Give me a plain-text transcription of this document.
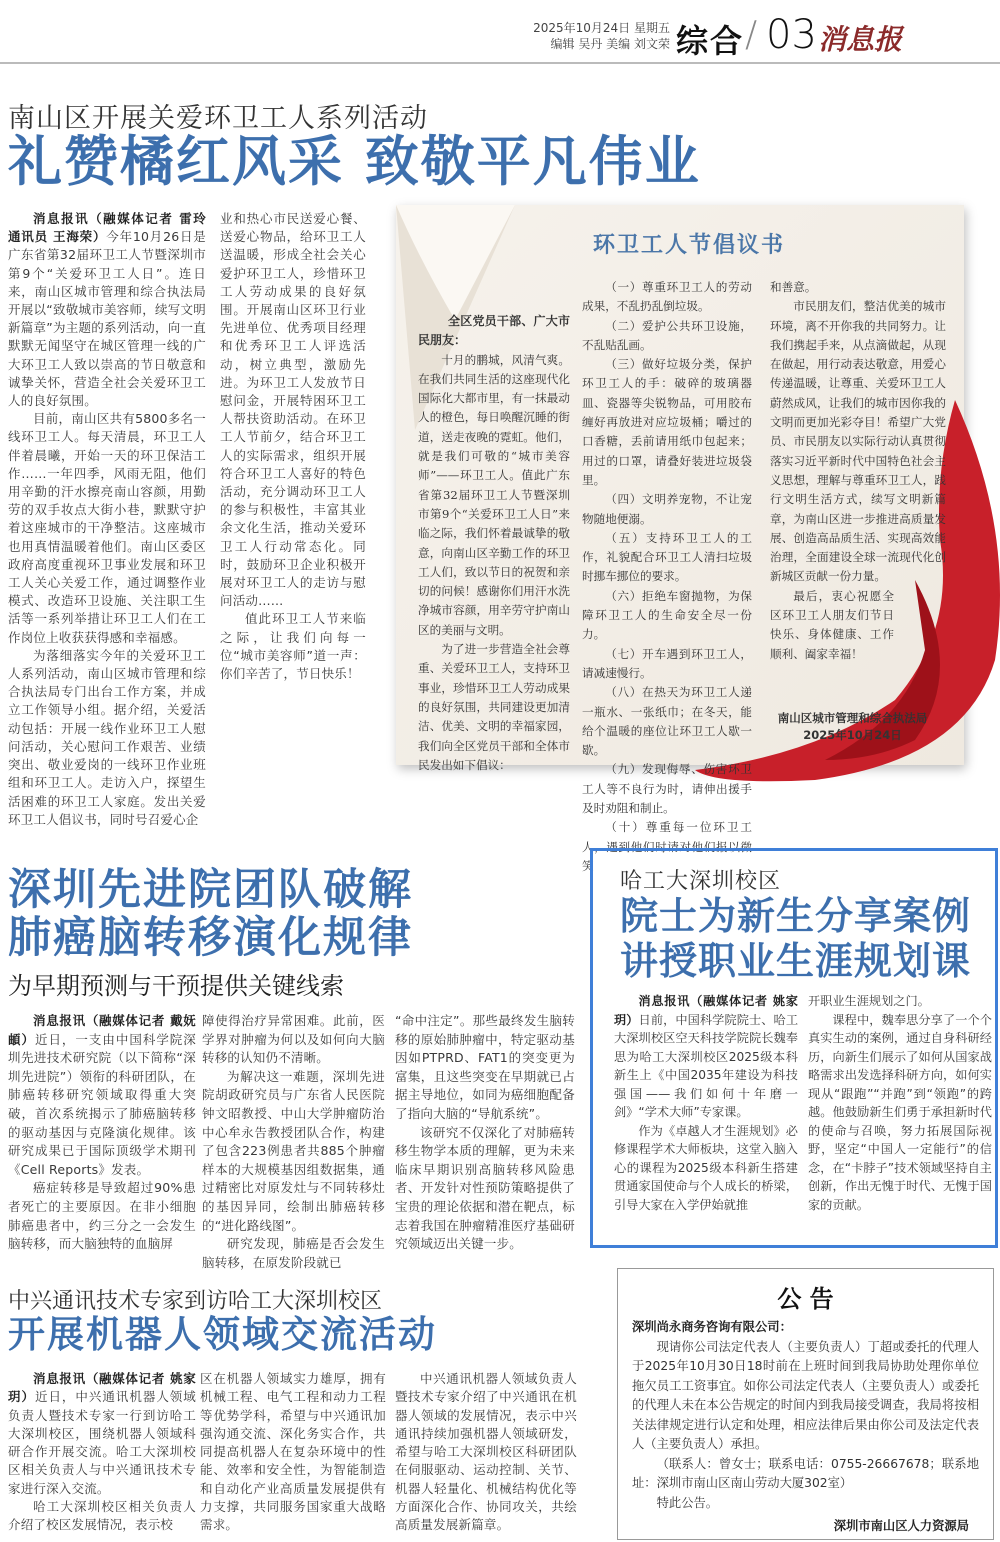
2025年10月24日 星期五
编辑 吴丹 美编 刘文荣 综合 / 03 消息报
南山区开展关爱环卫工人系列活动
礼赞橘红风采 致敬平凡伟业

消息报讯（融媒体记者 雷玲 通讯员 王海荣）今年10月26日是广东省第32届环卫工人节暨深圳市第9个“关爱环卫工人日”。连日来，南山区城市管理和综合执法局开展以“致敬城市美容师，续写文明新篇章”为主题的系列活动，向一直默默无闻坚守在城区管理一线的广大环卫工人致以崇高的节日敬意和诚挚关怀，营造全社会关爱环卫工人的良好氛围。

目前，南山区共有5800多名一线环卫工人。每天清晨，环卫工人伴着晨曦，开始一天的环卫保洁工作……一年四季，风雨无阻，他们用辛勤的汗水擦亮南山容颜，用勤劳的双手妆点大街小巷，默默守护着这座城市的干净整洁。这座城市也用真情温暖着他们。南山区委区政府高度重视环卫事业发展和环卫工人关心关爱工作，通过调整作业模式、改造环卫设施、关注职工生活等一系列举措让环卫工人们在工作岗位上收获获得感和幸福感。

为落细落实今年的关爱环卫工人系列活动，南山区城市管理和综合执法局专门出台工作方案，并成立工作领导小组。据介绍，关爱活动包括：开展一线作业环卫工人慰问活动，关心慰问工作艰苦、业绩突出、敬业爱岗的一线环卫作业班组和环卫工人。走访入户，探望生活困难的环卫工人家庭。发出关爱环卫工人倡议书，同时号召爱心企

业和热心市民送爱心餐、送爱心物品，给环卫工人送温暖，形成全社会关心爱护环卫工人，珍惜环卫工人劳动成果的良好氛围。开展南山区环卫行业先进单位、优秀项目经理和优秀环卫工人评选活动，树立典型，激励先进。为环卫工人发放节日慰问金，开展特困环卫工人帮扶资助活动。在环卫工人节前夕，结合环卫工人的实际需求，组织开展符合环卫工人喜好的特色活动，充分调动环卫工人的参与积极性，丰富其业余文化生活，推动关爱环卫工人行动常态化。同时，鼓励环卫企业积极开展对环卫工人的走访与慰问活动……

值此环卫工人节来临之际，让我们向每一位“城市美容师”道一声：你们辛苦了，节日快乐！

环卫工人节倡议书
全区党员干部、广大市民朋友：

十月的鹏城，风清气爽。在我们共同生活的这座现代化国际化大都市里，有一抹最动人的橙色，每日唤醒沉睡的街道，送走夜晚的霓虹。他们，就是我们可敬的“城市美容师”——环卫工人。值此广东省第32届环卫工人节暨深圳市第9个“关爱环卫工人日”来临之际，我们怀着最诚挚的敬意，向南山区辛勤工作的环卫工人们，致以节日的祝贺和亲切的问候！感谢你们用汗水洗净城市容颜，用辛劳守护南山区的美丽与文明。

为了进一步营造全社会尊重、关爱环卫工人，支持环卫事业，珍惜环卫工人劳动成果的良好氛围，共同建设更加清洁、优美、文明的幸福家园，我们向全区党员干部和全体市民发出如下倡议：

（一）尊重环卫工人的劳动成果，不乱扔乱倒垃圾。

（二）爱护公共环卫设施，不乱贴乱画。

（三）做好垃圾分类，保护环卫工人的手：破碎的玻璃器皿、瓷器等尖锐物品，可用胶布缠好再放进对应垃圾桶；嚼过的口香糖，丢前请用纸巾包起来；用过的口罩，请叠好装进垃圾袋里。

（四）文明养宠物，不让宠物随地便溺。

（五）支持环卫工人的工作，礼貌配合环卫工人清扫垃圾时挪车挪位的要求。

（六）拒绝车窗抛物，为保障环卫工人的生命安全尽一份力。

（七）开车遇到环卫工人，请减速慢行。

（八）在热天为环卫工人递一瓶水、一张纸巾；在冬天，能给个温暖的座位让环卫工人歇一歇。

（九）发现侮辱、伤害环卫工人等不良行为时，请伸出援手及时劝阻和制止。

（十）尊重每一位环卫工人，遇到他们时请对他们报以微笑

和善意。

市民朋友们，整洁优美的城市环境，离不开你我的共同努力。让我们携起手来，从点滴做起，从现在做起，用行动表达敬意，用爱心传递温暖，让尊重、关爱环卫工人蔚然成风，让我们的城市因你我的文明而更加光彩夺目！希望广大党员、市民朋友以实际行动认真贯彻落实习近平新时代中国特色社会主义思想，理解与尊重环卫工人，践行文明生活方式，续写文明新篇章，为南山区进一步推进高质量发展、创造高品质生活、实现高效能治理，全面建设全球一流现代化创新城区贡献一份力量。

最后，衷心祝愿全区环卫工人朋友们节日快乐、身体健康、工作顺利、阖家幸福！

南山区城市管理和综合执法局
2025年10月24日
深圳先进院团队破解
肺癌脑转移演化规律
为早期预测与干预提供关键线索

消息报讯（融媒体记者 戴妩頔）近日，一支由中国科学院深圳先进技术研究院（以下简称“深圳先进院”）领衔的科研团队，在肺癌转移研究领域取得重大突破，首次系统揭示了肺癌脑转移的驱动基因与克隆演化规律。该研究成果已于国际顶级学术期刊《Cell Reports》发表。

癌症转移是导致超过90%患者死亡的主要原因。在非小细胞肺癌患者中，约三分之一会发生脑转移，而大脑独特的血脑屏

障使得治疗异常困难。此前，医学界对肿瘤为何以及如何向大脑转移的认知仍不清晰。

为解决这一难题，深圳先进院胡政研究员与广东省人民医院钟文昭教授、中山大学肿瘤防治中心牟永告教授团队合作，构建了包含223例患者共885个肿瘤样本的大规模基因组数据集，通过精密比对原发灶与不同转移灶的基因异同，绘制出肺癌转移的“进化路线图”。

研究发现，肺癌是否会发生脑转移，在原发阶段就已

“命中注定”。那些最终发生脑转移的原始肺肿瘤中，特定驱动基因如PTPRD、FAT1的突变更为富集，且这些突变在早期就已占据主导地位，如同为癌细胞配备了指向大脑的“导航系统”。

该研究不仅深化了对肺癌转移生物学本质的理解，更为未来临床早期识别高脑转移风险患者、开发针对性预防策略提供了宝贵的理论依据和潜在靶点，标志着我国在肿瘤精准医疗基础研究领域迈出关键一步。

哈工大深圳校区
院士为新生分享案例
讲授职业生涯规划课

消息报讯（融媒体记者 姚家玥）日前，中国科学院院士、哈工大深圳校区空天科技学院院长魏奉思为哈工大深圳校区2025级本科新生上《中国2035年建设为科技强国——我们如何十年磨一剑》“学术大师”专家课。

作为《卓越人才生涯规划》必修课程学术大师板块，这堂入脑入心的课程为2025级本科新生搭建贯通家国使命与个人成长的桥梁，引导大家在入学伊始就推

开职业生涯规划之门。

课程中，魏奉思分享了一个个真实生动的案例，通过自身科研经历，向新生们展示了如何从国家战略需求出发选择科研方向，如何实现从“跟跑”“并跑”到“领跑”的跨越。他鼓励新生们勇于承担新时代的使命与召唤，努力拓展国际视野，坚定“中国人一定能行”的信念，在“卡脖子”技术领域坚持自主创新，作出无愧于时代、无愧于国家的贡献。

中兴通讯技术专家到访哈工大深圳校区
开展机器人领域交流活动

消息报讯（融媒体记者 姚家玥）近日，中兴通讯机器人领域负责人暨技术专家一行到访哈工大深圳校区，围绕机器人领域科研合作开展交流。哈工大深圳校区相关负责人与中兴通讯技术专家进行深入交流。

哈工大深圳校区相关负责人介绍了校区发展情况，表示校

区在机器人领域实力雄厚，拥有机械工程、电气工程和动力工程等优势学科，希望与中兴通讯加强沟通交流、深化务实合作，共同提高机器人在复杂环境中的性能、效率和安全性，为智能制造和自动化产业高质量发展提供有力支撑，共同服务国家重大战略需求。

中兴通讯机器人领域负责人暨技术专家介绍了中兴通讯在机器人领域的发展情况，表示中兴通讯持续加强机器人领域研发，希望与哈工大深圳校区科研团队在伺服驱动、运动控制、关节、机器人轻量化、机械结构优化等方面深化合作、协同攻关，共绘高质量发展新篇章。

公 告
深圳尚永商务咨询有限公司：

现请你公司法定代表人（主要负责人）丁超或委托的代理人于2025年10月30日18时前在上班时间到我局协助处理你单位拖欠员工工资事宜。如你公司法定代表人（主要负责人）或委托的代理人未在本公告规定的时间内到我局接受调查，我局将按相关法律规定进行认定和处理，相应法律后果由你公司及法定代表人（主要负责人）承担。

（联系人：曾女士；联系电话：0755-26667678；联系地址：深圳市南山区南山劳动大厦302室）

特此公告。

深圳市南山区人力资源局
